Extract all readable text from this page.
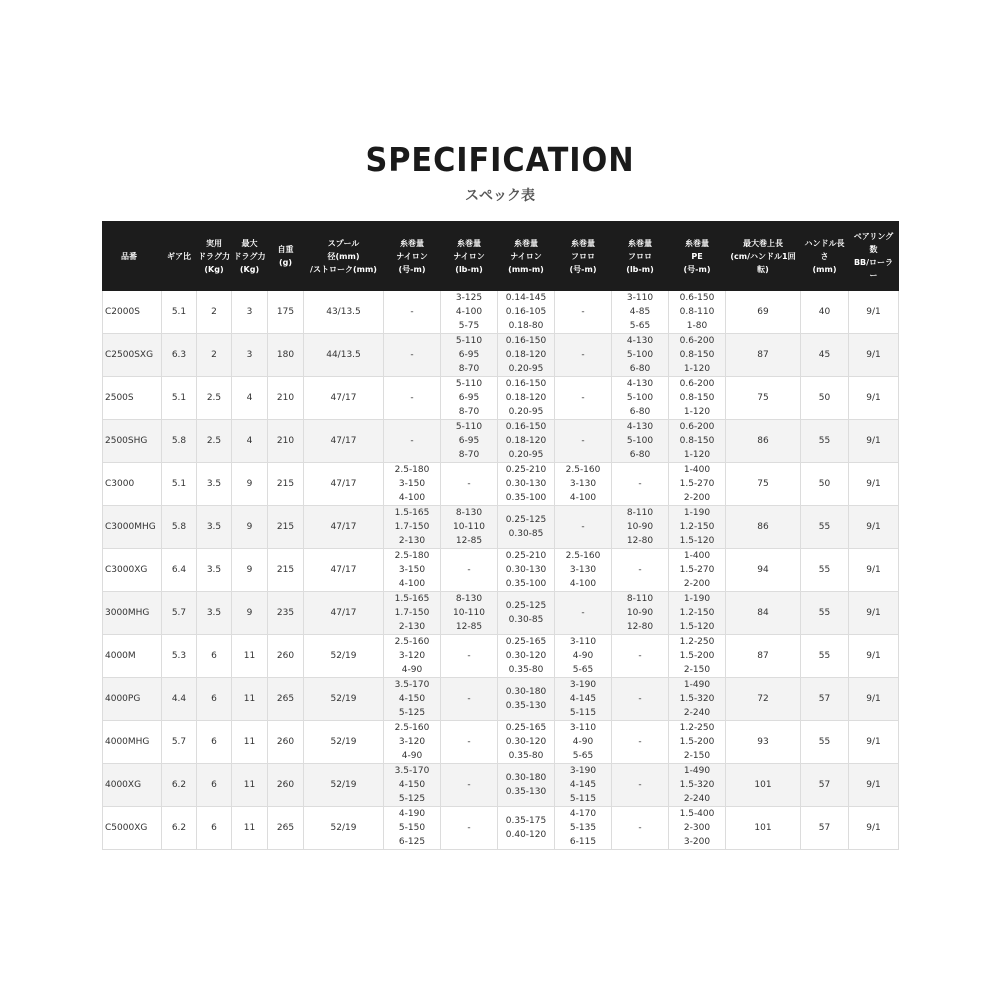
SPECIFICATION
スペック表
品番	ギア比	実用
ドラグ力
(Kg)	最大
ドラグ力
(Kg)	自重
(g)	スプール
径(mm)
/ストローク(mm)	糸巻量
ナイロン
(号-m)	糸巻量
ナイロン
(lb-m)	糸巻量
ナイロン
(mm-m)	糸巻量
フロロ
(号-m)	糸巻量
フロロ
(lb-m)	糸巻量
PE
(号-m)	最大巻上長
(cm/ハンドル1回転)	ハンドル長さ
(mm)	ベアリング数
BB/ローラー
C2000S	5.1	2	3	175	43/13.5	-	3-125
4-100
5-75	0.14-145
0.16-105
0.18-80	-	3-110
4-85
5-65	0.6-150
0.8-110
1-80	69	40	9/1
C2500SXG	6.3	2	3	180	44/13.5	-	5-110
6-95
8-70	0.16-150
0.18-120
0.20-95	-	4-130
5-100
6-80	0.6-200
0.8-150
1-120	87	45	9/1
2500S	5.1	2.5	4	210	47/17	-	5-110
6-95
8-70	0.16-150
0.18-120
0.20-95	-	4-130
5-100
6-80	0.6-200
0.8-150
1-120	75	50	9/1
2500SHG	5.8	2.5	4	210	47/17	-	5-110
6-95
8-70	0.16-150
0.18-120
0.20-95	-	4-130
5-100
6-80	0.6-200
0.8-150
1-120	86	55	9/1
C3000	5.1	3.5	9	215	47/17	2.5-180
3-150
4-100	-	0.25-210
0.30-130
0.35-100	2.5-160
3-130
4-100	-	1-400
1.5-270
2-200	75	50	9/1
C3000MHG	5.8	3.5	9	215	47/17	1.5-165
1.7-150
2-130	8-130
10-110
12-85	0.25-125
0.30-85	-	8-110
10-90
12-80	1-190
1.2-150
1.5-120	86	55	9/1
C3000XG	6.4	3.5	9	215	47/17	2.5-180
3-150
4-100	-	0.25-210
0.30-130
0.35-100	2.5-160
3-130
4-100	-	1-400
1.5-270
2-200	94	55	9/1
3000MHG	5.7	3.5	9	235	47/17	1.5-165
1.7-150
2-130	8-130
10-110
12-85	0.25-125
0.30-85	-	8-110
10-90
12-80	1-190
1.2-150
1.5-120	84	55	9/1
4000M	5.3	6	11	260	52/19	2.5-160
3-120
4-90	-	0.25-165
0.30-120
0.35-80	3-110
4-90
5-65	-	1.2-250
1.5-200
2-150	87	55	9/1
4000PG	4.4	6	11	265	52/19	3.5-170
4-150
5-125	-	0.30-180
0.35-130	3-190
4-145
5-115	-	1-490
1.5-320
2-240	72	57	9/1
4000MHG	5.7	6	11	260	52/19	2.5-160
3-120
4-90	-	0.25-165
0.30-120
0.35-80	3-110
4-90
5-65	-	1.2-250
1.5-200
2-150	93	55	9/1
4000XG	6.2	6	11	260	52/19	3.5-170
4-150
5-125	-	0.30-180
0.35-130	3-190
4-145
5-115	-	1-490
1.5-320
2-240	101	57	9/1
C5000XG	6.2	6	11	265	52/19	4-190
5-150
6-125	-	0.35-175
0.40-120	4-170
5-135
6-115	-	1.5-400
2-300
3-200	101	57	9/1
